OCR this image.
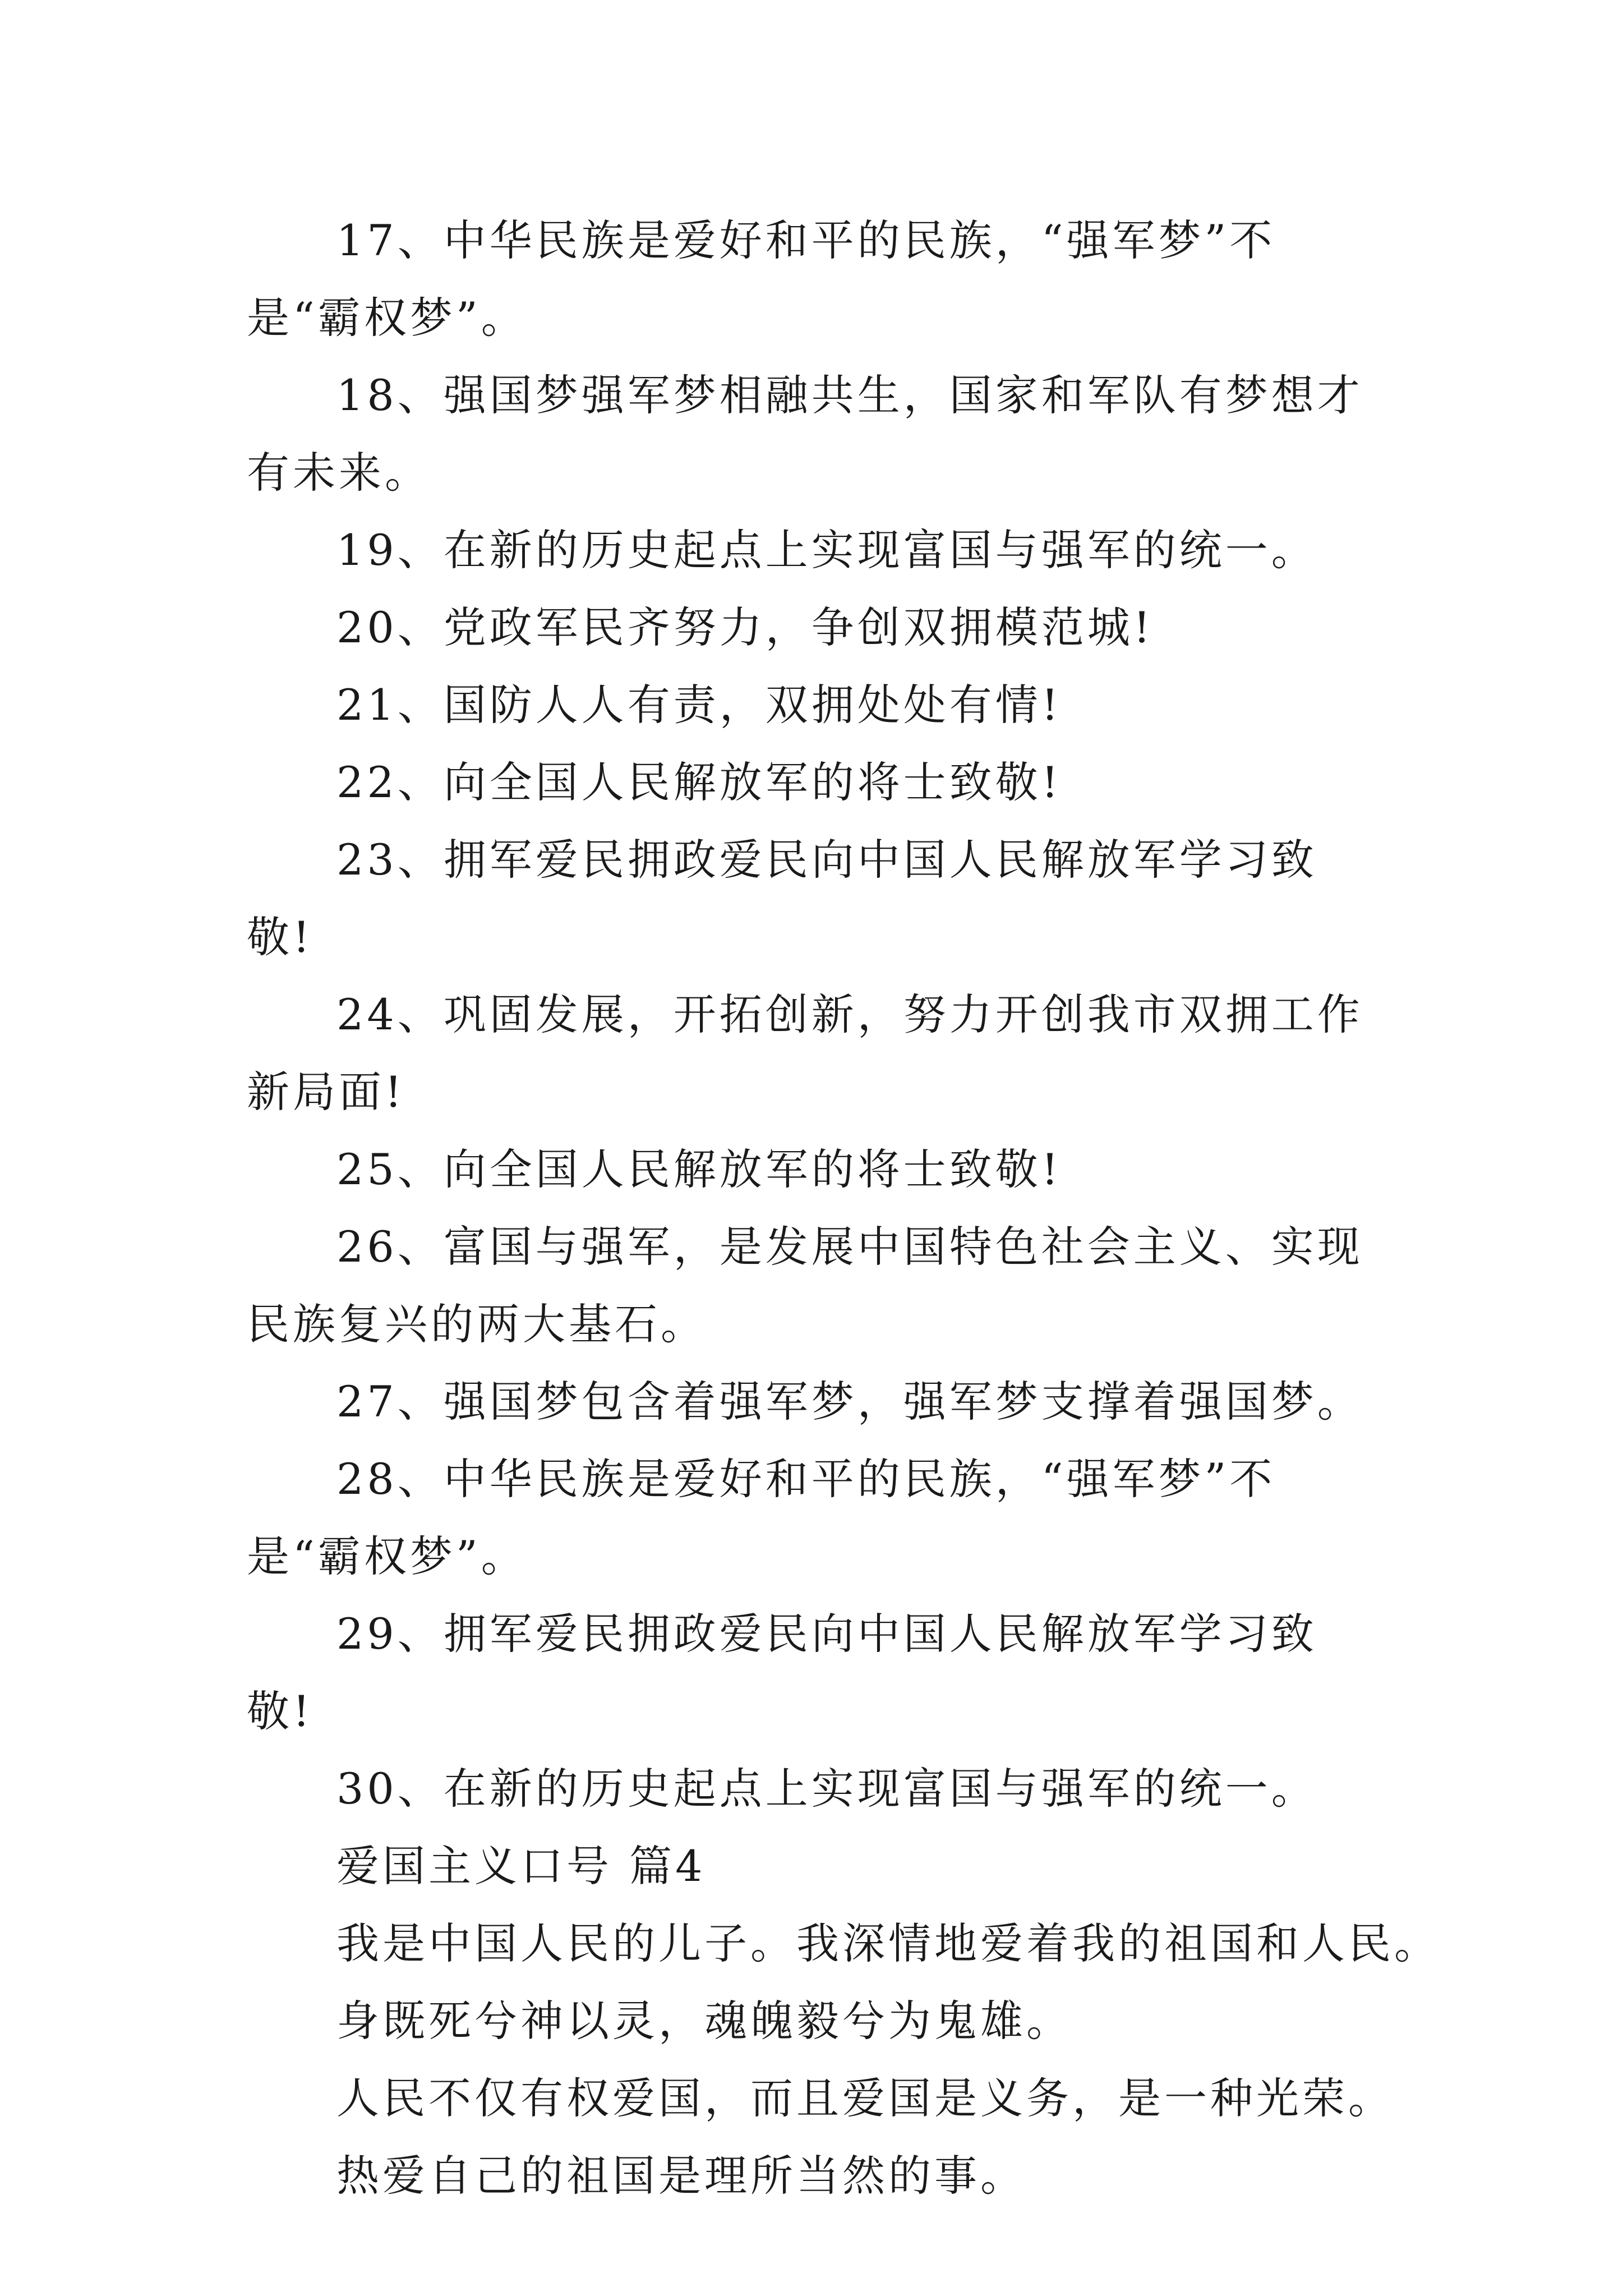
17、中华民族是爱好和平的民族，“强军梦”不是“霸权梦”。

18、强国梦强军梦相融共生，国家和军队有梦想才有未来。

19、在新的历史起点上实现富国与强军的统一。

20、党政军民齐努力，争创双拥模范城!

21、国防人人有责，双拥处处有情!

22、向全国人民解放军的将士致敬!

23、拥军爱民拥政爱民向中国人民解放军学习致敬!

24、巩固发展，开拓创新，努力开创我市双拥工作新局面!

25、向全国人民解放军的将士致敬!

26、富国与强军，是发展中国特色社会主义、实现民族复兴的两大基石。

27、强国梦包含着强军梦，强军梦支撑着强国梦。

28、中华民族是爱好和平的民族，“强军梦”不是“霸权梦”。

29、拥军爱民拥政爱民向中国人民解放军学习致敬!

30、在新的历史起点上实现富国与强军的统一。

爱国主义口号 篇4

我是中国人民的儿子。我深情地爱着我的祖国和人民。

身既死兮神以灵，魂魄毅兮为鬼雄。

人民不仅有权爱国，而且爱国是义务，是一种光荣。

热爱自己的祖国是理所当然的事。
